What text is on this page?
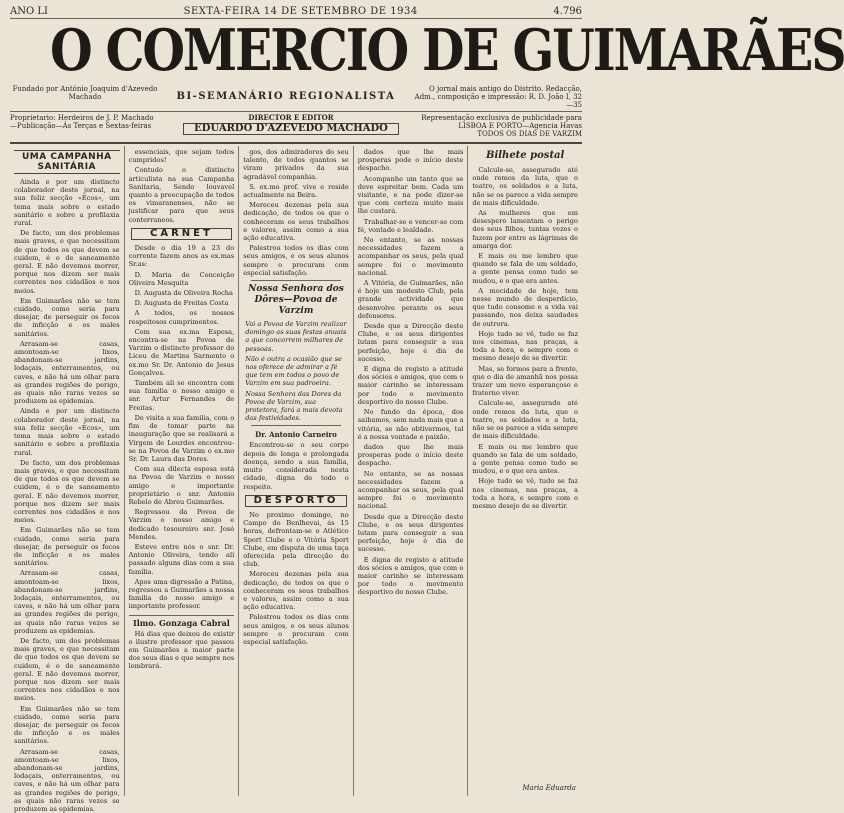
ANO LI	SEXTA-FEIRA 14 DE SETEMBRO DE 1934	4.796
O COMERCIO DE GUIMARÃES
Fundado por António Joaquim d'Azevedo Machado	BI-SEMANÁRIO REGIONALISTA
O jornal mais antigo do Distrito. Redacção, Adm., composição e impressão: R. D. João I, 32—35
Proprietario: Herdeiros de J. P. Machado
—Publicação—Ás Terças e Sextas-feiras
DIRECTOR E EDITOR
EDUARDO D'AZEVEDO MACHADO
Representação exclusiva de publicidade para LISBOA E PORTO—Agencia Havas
TODOS OS DIAS DE VARZIM
UMA CAMPANHA SANITÁRIA

Ainda e por um distincto colaborador deste jornal, na sua feliz secção «Ecos», um tema mais sobre o estado sanitário e sobre a profilaxia rural.

De facto, um dos problemas mais graves, e que necessitam de que todos os que devem se cuidem, é o de saneamento geral. E não devemos morrer, porque nos dizem ser mais correntes nos cidadãos e nos meios.

Em Guimarães não se tem cuidado, como seria para desejar, de perseguir os focos de inficção e os males sanitários.

Arrasam-se casas, amontoam-se lixos, abandonam-se jardins, lodaçais, enterramentos, ou caves, e não há um olhar para as grandes regiões de perigo, as quais não raras vezes se produzem as epidemias.

Ainda e por um distincto colaborador deste jornal, na sua feliz secção «Ecos», um tema mais sobre o estado sanitário e sobre a profilaxia rural.

De facto, um dos problemas mais graves, e que necessitam de que todos os que devem se cuidem, é o de saneamento geral. E não devemos morrer, porque nos dizem ser mais correntes nos cidadãos e nos meios.

Em Guimarães não se tem cuidado, como seria para desejar, de perseguir os focos de inficção e os males sanitários.

Arrasam-se casas, amontoam-se lixos, abandonam-se jardins, lodaçais, enterramentos, ou caves, e não há um olhar para as grandes regiões de perigo, as quais não raras vezes se produzem as epidemias.

De facto, um dos problemas mais graves, e que necessitam de que todos os que devem se cuidem, é o de saneamento geral. E não devemos morrer, porque nos dizem ser mais correntes nos cidadãos e nos meios.

Em Guimarães não se tem cuidado, como seria para desejar, de perseguir os focos de inficção e os males sanitários.

Arrasam-se casas, amontoam-se lixos, abandonam-se jardins, lodaçais, enterramentos, ou caves, e não há um olhar para as grandes regiões de perigo, as quais não raras vezes se produzem as epidemias.

essenciais, que sejam todos cumpridos!

Contudo o distincto articulista na sua Campanha Sanitaria, Sendo louvavel quanto a preocupação de todos os vimaranenses, não se justificar para que seus conterraneos.

CARNET

Desde o dia 19 a 23 do corrente fazem anos as ex.mas Sr.as:

D. Maria de Conceição Oliveira Mesquita

D. Augusta de Oliveira Rocha

D. Augusta de Freitas Costa

A todos, os nossos respeitosos cumprimentos.

Com sua ex.ma Esposa, encontra-se na Povoa de Varzim o distincto professor do Liceu de Martins Sarmento o ex.mo Sr. Dr. Antonio de Jesus Gonçalves.

Também ali se encontra com sua familia o nosso amigo e snr. Artur Fernandes de Freitas.

De visita a sua familia, com o fim de tomar parte na inauguração que se realisará a Virgem de Lourdes encontrou-se na Povoa de Varzim o ex.mo Sr. Dr. Laura das Dores.

Com sua dilecta esposa está na Povoa de Varzim o nosso amigo e importante proprietário o snr. Antonio Rebelo de Abreu Guimarães.

Regressou da Povoa de Varzim o nosso amigo e dedicado tesoureiro snr. José Mendes.

Esteve entre nós o snr. Dr. Antonio Oliveira, tendo ali passado alguns dias com a sua família.

Apos uma digressão a Patina, regressou a Guimarães a nossa familia do nosso amigo e importante professor.

Ilmo. Gonzaga Cabral

Há dias que deixou de existir o ilustre professor que passou em Guimarães a maior parte dos seus dias e que sempre nos lembrará.

gos, dos admiradores do seu talento, de todos quantos se viram privados da sua agradável companhia.

S. ex.mo prof. vive e reside actualmente na Beira.

Mereceu dezenas pela sua dedicação, de todos os que o conheceram os seus trabalhos e valores, assim como a sua ação educativa.

Palestrou todos os dias com seus amigos, e os seus alunos sempre o procuram com especial satisfação.

Nossa Senhora dos Dôres—Povoa de Varzim

Vai a Povoa de Varzim realizar domingo as suas festas anuais a que concorrem milhares de pessoas.

Não é outra a ocasião que se nos oferece de admirar a fé que tem em todos o povo de Varzim em sua padroeira.

Nossa Senhora das Dores da Povoa de Varzim, sua protetora, fará a mais devota das festividades.

Dr. Antonio Carneiro

Encontrou-se o seu corpo depois de longa e prolongada doença, sendo a sua família, muito considerada nesta cidade, digna de todo o respeito.

DESPORTO

No proximo domingo, no Campo do Benlhevai, ás 15 horas, defrontam-se o Atlético Sport Clube e o Vitória Sport Clube, em disputa de uma taça oferecida pela direcção do club.

Mereceu dezenas pela sua dedicação, de todos os que o conheceram os seus trabalhos e valores, assim como a sua ação educativa.

Palestrou todos os dias com seus amigos, e os seus alunos sempre o procuram com especial satisfação.

dados que lhe mais prosperas pode o início deste despacho.

Acompanhe um tanto que se deve espreitar bem. Cada um visitante, e na pode dizer-se que com certeza muito mais lhe custará.

Trabalhar-se e vencer-se com fé, vontade e lealdade.

No entanto, se as nossas necessidades fazem a acompanhar os seus, pela qual sempre foi o movimento nacional.

A Vitória, de Guimarães, não é hoje um modesto Club, pela grande actividade que desenvolve perante os seus defensores.

Desde que a Direcção deste Clube, e os seus dirigentes lutam para conseguir a sua perfeição, hoje é dia de sucesso.

E digna de registo a atitude dos sócios e amigos, que com o maior carinho se interessam por todo o movimento desportivo do nosso Clube.

No fundo da época, dos saibamos, sem nada mais que a vitória, se não obtivermos, tal é a nossa vontade e paixão.

dados que lhe mais prosperas pode o início deste despacho.

No entanto, se as nossas necessidades fazem a acompanhar os seus, pela qual sempre foi o movimento nacional.

Desde que a Direcção deste Clube, e os seus dirigentes lutam para conseguir a sua perfeição, hoje é dia de sucesso.

E digna de registo a atitude dos sócios e amigos, que com o maior carinho se interessam por todo o movimento desportivo do nosso Clube.

Bilhete postal

Calcule-se, assegurado até onde remos da luta, que o teatro, os soldados e a luta, não se os parece a vida sempre de mais dificuldade.

As mulheres que em desespero lamentam o perigo dos seus filhos, tantas vezes o fazem por entre as lágrimas de amarga dor.

E mais ou me lembro que quando se fala de um soldado, a gente pensa como tudo se mudou, e o que era antes.

A mocidade de hoje, tem nesse mundo de desperdício, que tudo consome e a vida vai passando, nos deixa saudades de outrora.

Hoje tudo se vê, tudo se faz nos cinemas, nas praças, a toda a hora, e sempre com o mesmo desejo de se divertir.

Mas, se formos para a frente, que o dia de amanhã nos possa trazer um novo esperançoso e fraterno viver.

Calcule-se, assegurado até onde remos da luta, que o teatro, os soldados e a luta, não se os parece a vida sempre de mais dificuldade.

E mais ou me lembro que quando se fala de um soldado, a gente pensa como tudo se mudou, e o que era antes.

Hoje tudo se vê, tudo se faz nos cinemas, nas praças, a toda a hora, e sempre com o mesmo desejo de se divertir.

Maria Eduarda
